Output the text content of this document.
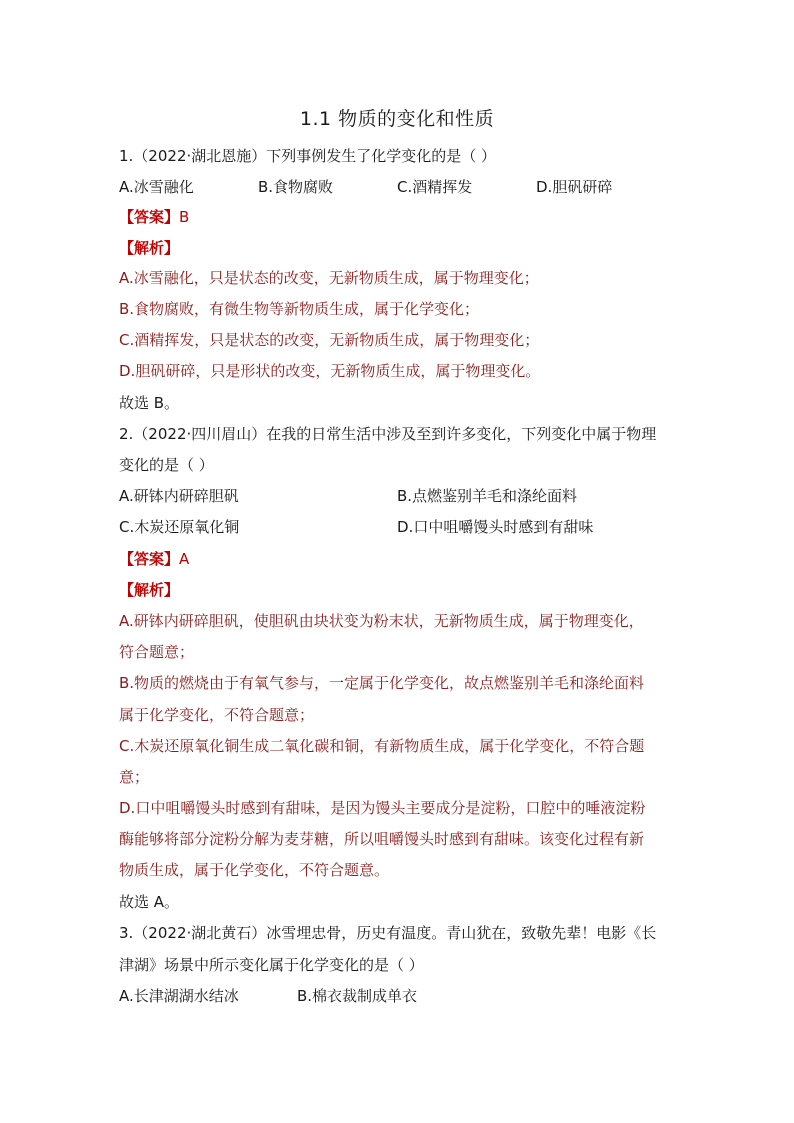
1.1 物质的变化和性质
1.（2022·湖北恩施）下列事例发生了化学变化的是（ ）
A.冰雪融化	B.食物腐败	C.酒精挥发	D.胆矾研碎
【答案】B
【解析】
A.冰雪融化，只是状态的改变，无新物质生成，属于物理变化；
B.食物腐败，有微生物等新物质生成，属于化学变化；
C.酒精挥发，只是状态的改变，无新物质生成，属于物理变化；
D.胆矾研碎，只是形状的改变，无新物质生成，属于物理变化。
故选 B。
2.（2022·四川眉山）在我的日常生活中涉及至到许多变化，下列变化中属于物理
变化的是（ ）
A.研钵内研碎胆矾	B.点燃鉴别羊毛和涤纶面料
C.木炭还原氧化铜	D.口中咀嚼馒头时感到有甜味
【答案】A
【解析】
A.研钵内研碎胆矾，使胆矾由块状变为粉末状，无新物质生成，属于物理变化，
符合题意；
B.物质的燃烧由于有氧气参与，一定属于化学变化，故点燃鉴别羊毛和涤纶面料
属于化学变化，不符合题意；
C.木炭还原氧化铜生成二氧化碳和铜，有新物质生成，属于化学变化，不符合题
意；
D.口中咀嚼馒头时感到有甜味，是因为馒头主要成分是淀粉，口腔中的唾液淀粉
酶能够将部分淀粉分解为麦芽糖，所以咀嚼馒头时感到有甜味。该变化过程有新
物质生成，属于化学变化，不符合题意。
故选 A。
3.（2022·湖北黄石）冰雪埋忠骨，历史有温度。青山犹在，致敬先辈！电影《长
津湖》场景中所示变化属于化学变化的是（ ）
A.长津湖湖水结冰	B.棉衣裁制成单衣
